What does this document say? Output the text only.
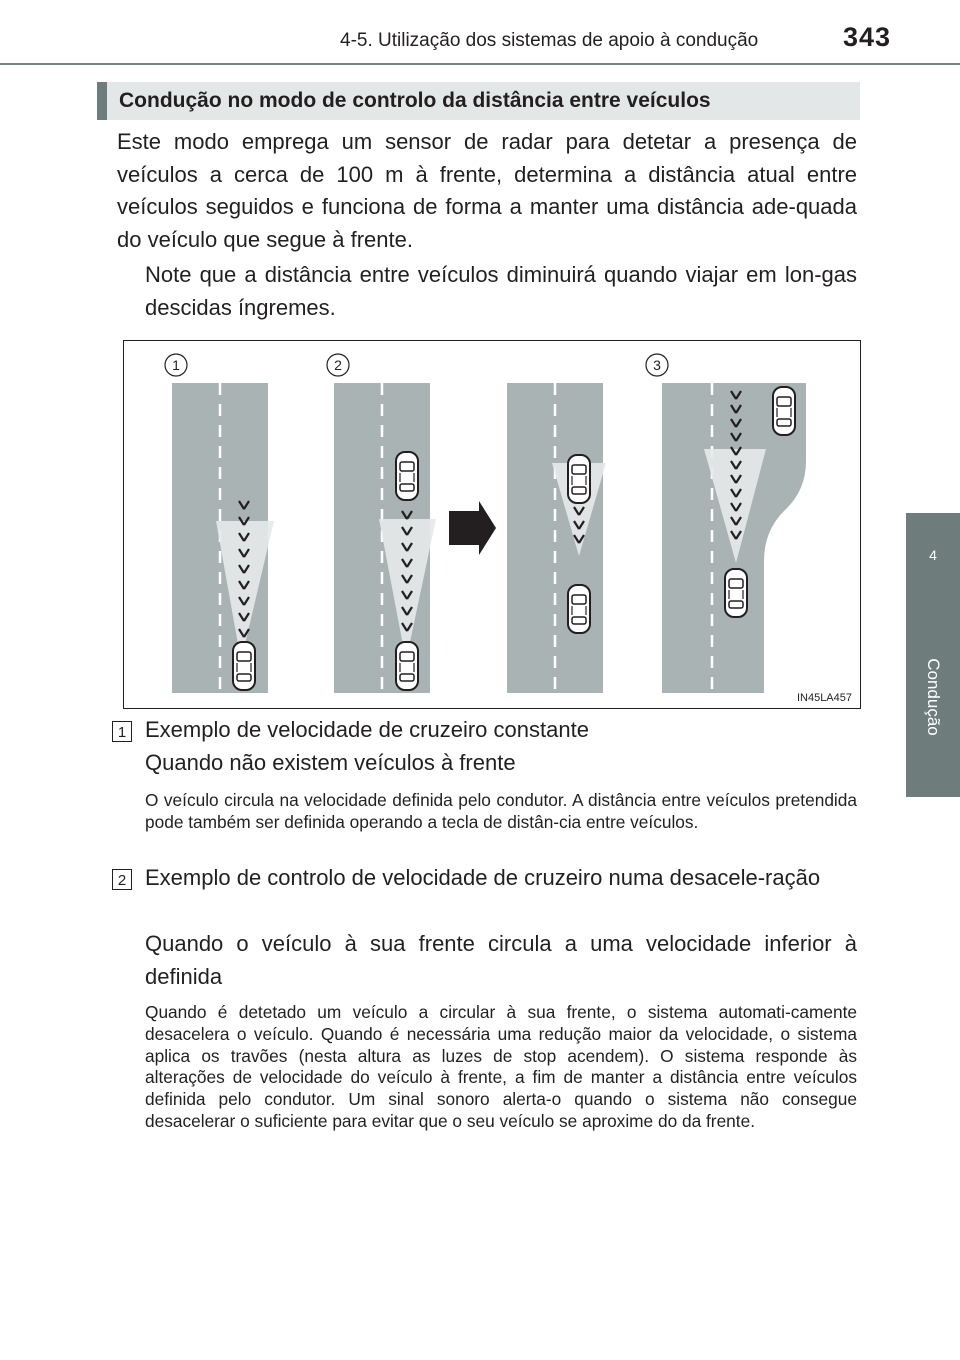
4-5. Utilização dos sistemas de apoio à condução	343
4
Condução
Condução no modo de controlo da distância entre veículos
Este modo emprega um sensor de radar para detetar a presença de veículos a cerca de 100 m à frente, determina a distância atual entre veículos seguidos e funciona de forma a manter uma distância ade-quada do veículo que segue à frente.
Note que a distância entre veículos diminuirá quando viajar em lon-gas descidas íngremes.
1	2	3
IN45LA457
1 Exemplo de velocidade de cruzeiro constante
Quando não existem veículos à frente
O veículo circula na velocidade definida pelo condutor. A distância entre veículos pretendida pode também ser definida operando a tecla de distân-cia entre veículos.
2 Exemplo de controlo de velocidade de cruzeiro numa desacele-ração
Quando o veículo à sua frente circula a uma velocidade inferior à definida
Quando é detetado um veículo a circular à sua frente, o sistema automati-camente desacelera o veículo. Quando é necessária uma redução maior da velocidade, o sistema aplica os travões (nesta altura as luzes de stop acendem). O sistema responde às alterações de velocidade do veículo à frente, a fim de manter a distância entre veículos definida pelo condutor. Um sinal sonoro alerta-o quando o sistema não consegue desacelerar o suficiente para evitar que o seu veículo se aproxime do da frente.
